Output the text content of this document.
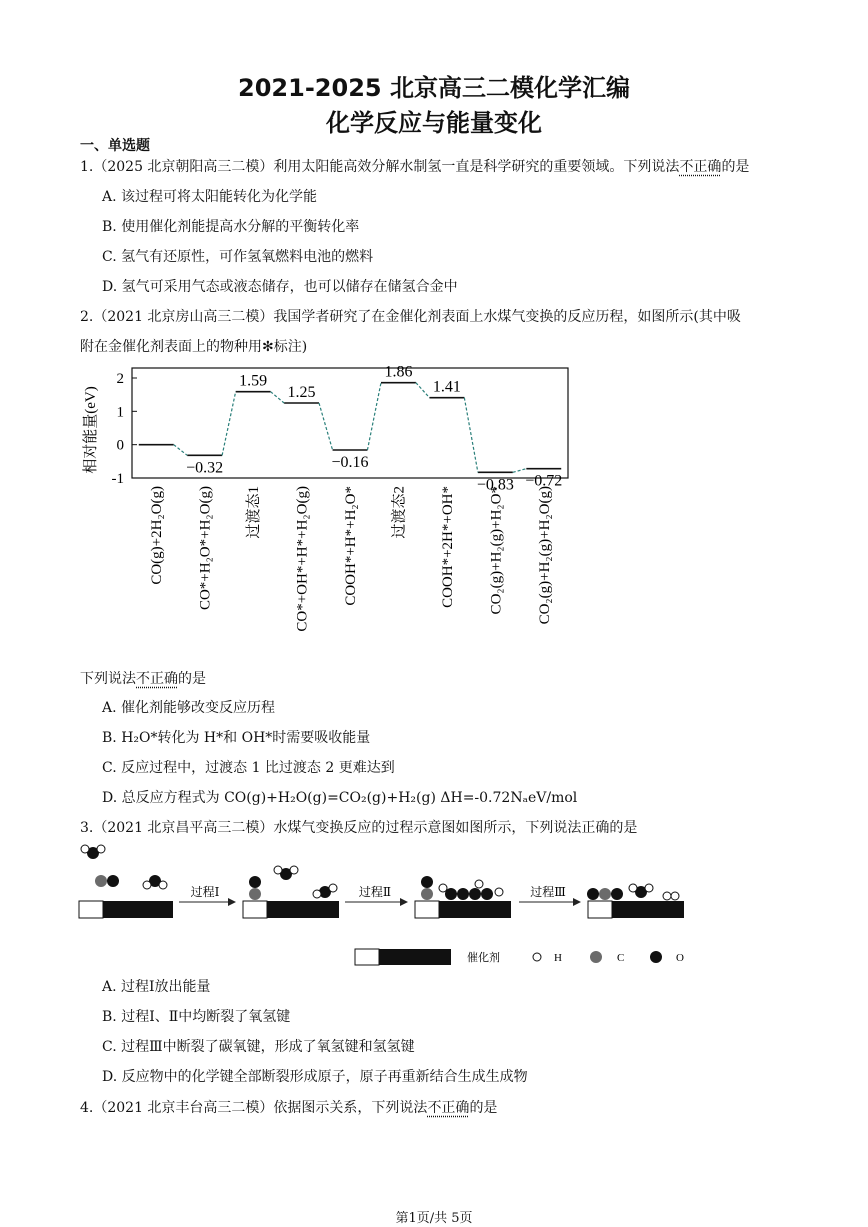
2021-2025 北京高三二模化学汇编
化学反应与能量变化
一、单选题
1.（2025 北京朝阳高三二模）利用太阳能高效分解水制氢一直是科学研究的重要领域。下列说法不正确的是
A. 该过程可将太阳能转化为化学能
B. 使用催化剂能提高水分解的平衡转化率
C. 氢气有还原性，可作氢氧燃料电池的燃料
D. 氢气可采用气态或液态储存，也可以储存在储氢合金中
2.（2021 北京房山高三二模）我国学者研究了在金催化剂表面上水煤气变换的反应历程，如图所示(其中吸
附在金催化剂表面上的物种用✻标注)
相对能量(eV)
2
1
0
-1
−0.32
1.59
1.25
−0.16
1.86
1.41
−0.83 −0.72
CO(g)+2H₂O(g) CO*+H₂O*+H₂O(g) 过渡态1 CO*+OH*+H*+H₂O(g) COOH*+H*+H₂O* 过渡态2 COOH*+2H*+OH* CO₂(g)+H₂(g)+H₂O* CO₂(g)+H₂(g)+H₂O(g)
下列说法不正确的是
A. 催化剂能够改变反应历程
B. H₂O*转化为 H*和 OH*时需要吸收能量
C. 反应过程中，过渡态 1 比过渡态 2 更难达到
D. 总反应方程式为 CO(g)+H₂O(g)=CO₂(g)+H₂(g) ΔH=-0.72NₐeV/mol
3.（2021 北京昌平高三二模）水煤气变换反应的过程示意图如图所示，下列说法正确的是
过程Ⅰ	过程Ⅱ	过程Ⅲ
催化剂	H	C	O
A. 过程Ⅰ放出能量
B. 过程Ⅰ、Ⅱ中均断裂了氧氢键
C. 过程Ⅲ中断裂了碳氧键，形成了氧氢键和氢氢键
D. 反应物中的化学键全部断裂形成原子，原子再重新结合生成生成物
4.（2021 北京丰台高三二模）依据图示关系，下列说法不正确的是
第1页/共 5页
